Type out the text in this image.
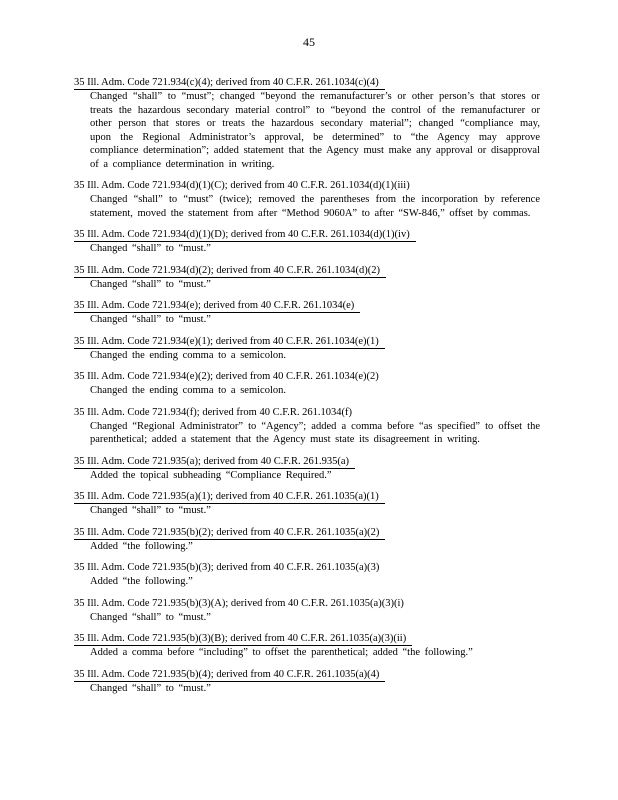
45
35 Ill. Adm. Code 721.934(c)(4); derived from 40 C.F.R. 261.1034(c)(4)
Changed “shall” to “must”; changed “beyond the remanufacturer’s or other person’s that stores or treats the hazardous secondary material control” to “beyond the control of the remanufacturer or other person that stores or treats the hazardous secondary material”; changed “compliance may, upon the Regional Administrator’s approval, be determined” to “the Agency may approve compliance determination”; added statement that the Agency must make any approval or disapproval of a compliance determination in writing.
35 Ill. Adm. Code 721.934(d)(1)(C); derived from 40 C.F.R. 261.1034(d)(1)(iii)
Changed “shall” to “must” (twice); removed the parentheses from the incorporation by reference statement, moved the statement from after “Method 9060A” to after “SW-846,” offset by commas.
35 Ill. Adm. Code 721.934(d)(1)(D); derived from 40 C.F.R. 261.1034(d)(1)(iv)
Changed “shall” to “must.”
35 Ill. Adm. Code 721.934(d)(2); derived from 40 C.F.R. 261.1034(d)(2)
Changed “shall” to “must.”
35 Ill. Adm. Code 721.934(e); derived from 40 C.F.R. 261.1034(e)
Changed “shall” to “must.”
35 Ill. Adm. Code 721.934(e)(1); derived from 40 C.F.R. 261.1034(e)(1)
Changed the ending comma to a semicolon.
35 Ill. Adm. Code 721.934(e)(2); derived from 40 C.F.R. 261.1034(e)(2)
Changed the ending comma to a semicolon.
35 Ill. Adm. Code 721.934(f); derived from 40 C.F.R. 261.1034(f)
Changed “Regional Administrator” to “Agency”; added a comma before “as specified” to offset the parenthetical; added a statement that the Agency must state its disagreement in writing.
35 Ill. Adm. Code 721.935(a); derived from 40 C.F.R. 261.935(a)
Added the topical subheading “Compliance Required.”
35 Ill. Adm. Code 721.935(a)(1); derived from 40 C.F.R. 261.1035(a)(1)
Changed “shall” to “must.”
35 Ill. Adm. Code 721.935(b)(2); derived from 40 C.F.R. 261.1035(a)(2)
Added “the following.”
35 Ill. Adm. Code 721.935(b)(3); derived from 40 C.F.R. 261.1035(a)(3)
Added “the following.”
35 Ill. Adm. Code 721.935(b)(3)(A); derived from 40 C.F.R. 261.1035(a)(3)(i)
Changed “shall” to “must.”
35 Ill. Adm. Code 721.935(b)(3)(B); derived from 40 C.F.R. 261.1035(a)(3)(ii)
Added a comma before “including” to offset the parenthetical; added “the following.”
35 Ill. Adm. Code 721.935(b)(4); derived from 40 C.F.R. 261.1035(a)(4)
Changed “shall” to “must.”
